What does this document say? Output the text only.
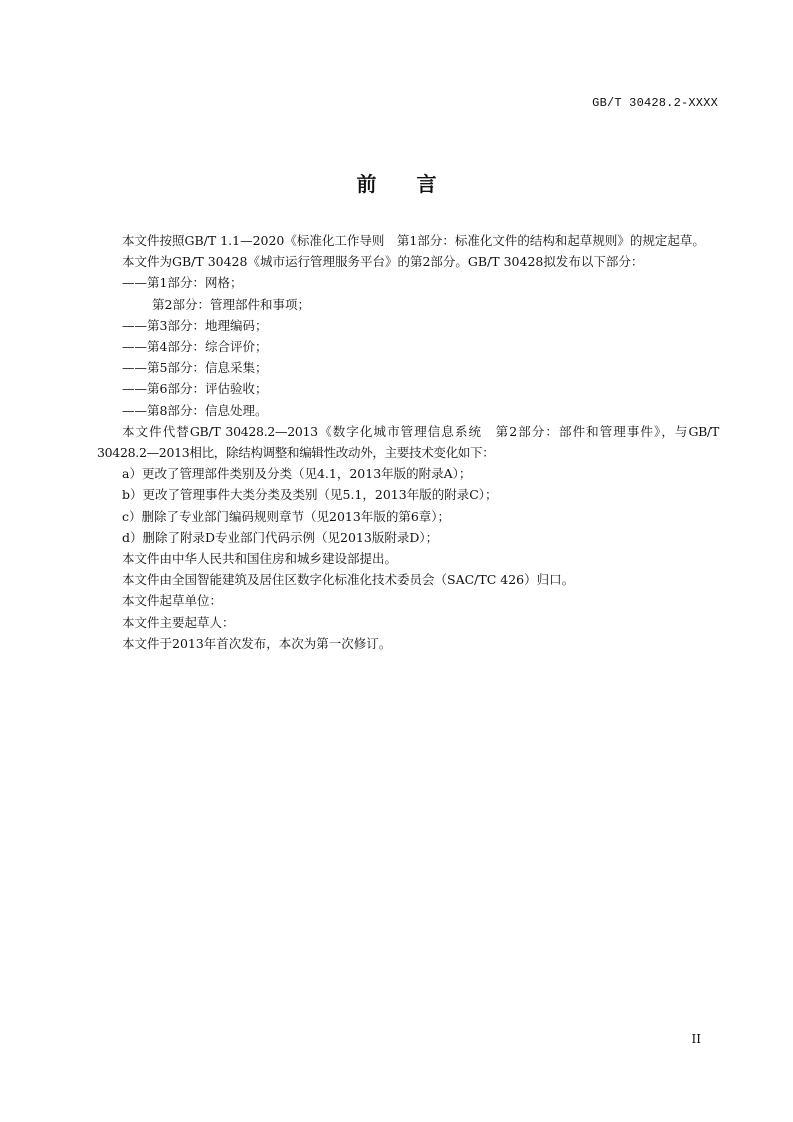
GB/T 30428.2-XXXX
前言

本文件按照GB/T 1.1—2020《标准化工作导则　第1部分：标准化文件的结构和起草规则》的规定起草。

本文件为GB/T 30428《城市运行管理服务平台》的第2部分。GB/T 30428拟发布以下部分：

——第1部分：网格；

第2部分：管理部件和事项；

——第3部分：地理编码；

——第4部分：综合评价；

——第5部分：信息采集；

——第6部分：评估验收；

——第8部分：信息处理。

本文件代替GB/T 30428.2—2013《数字化城市管理信息系统　第2部分：部件和管理事件》，与GB/T 30428.2—2013相比，除结构调整和编辑性改动外，主要技术变化如下：

a）更改了管理部件类别及分类（见4.1，2013年版的附录A）；

b）更改了管理事件大类分类及类别（见5.1，2013年版的附录C）；

c）删除了专业部门编码规则章节（见2013年版的第6章）；

d）删除了附录D专业部门代码示例（见2013版附录D）；

本文件由中华人民共和国住房和城乡建设部提出。

本文件由全国智能建筑及居住区数字化标准化技术委员会（SAC/TC 426）归口。

本文件起草单位：

本文件主要起草人：

本文件于2013年首次发布，本次为第一次修订。

II
